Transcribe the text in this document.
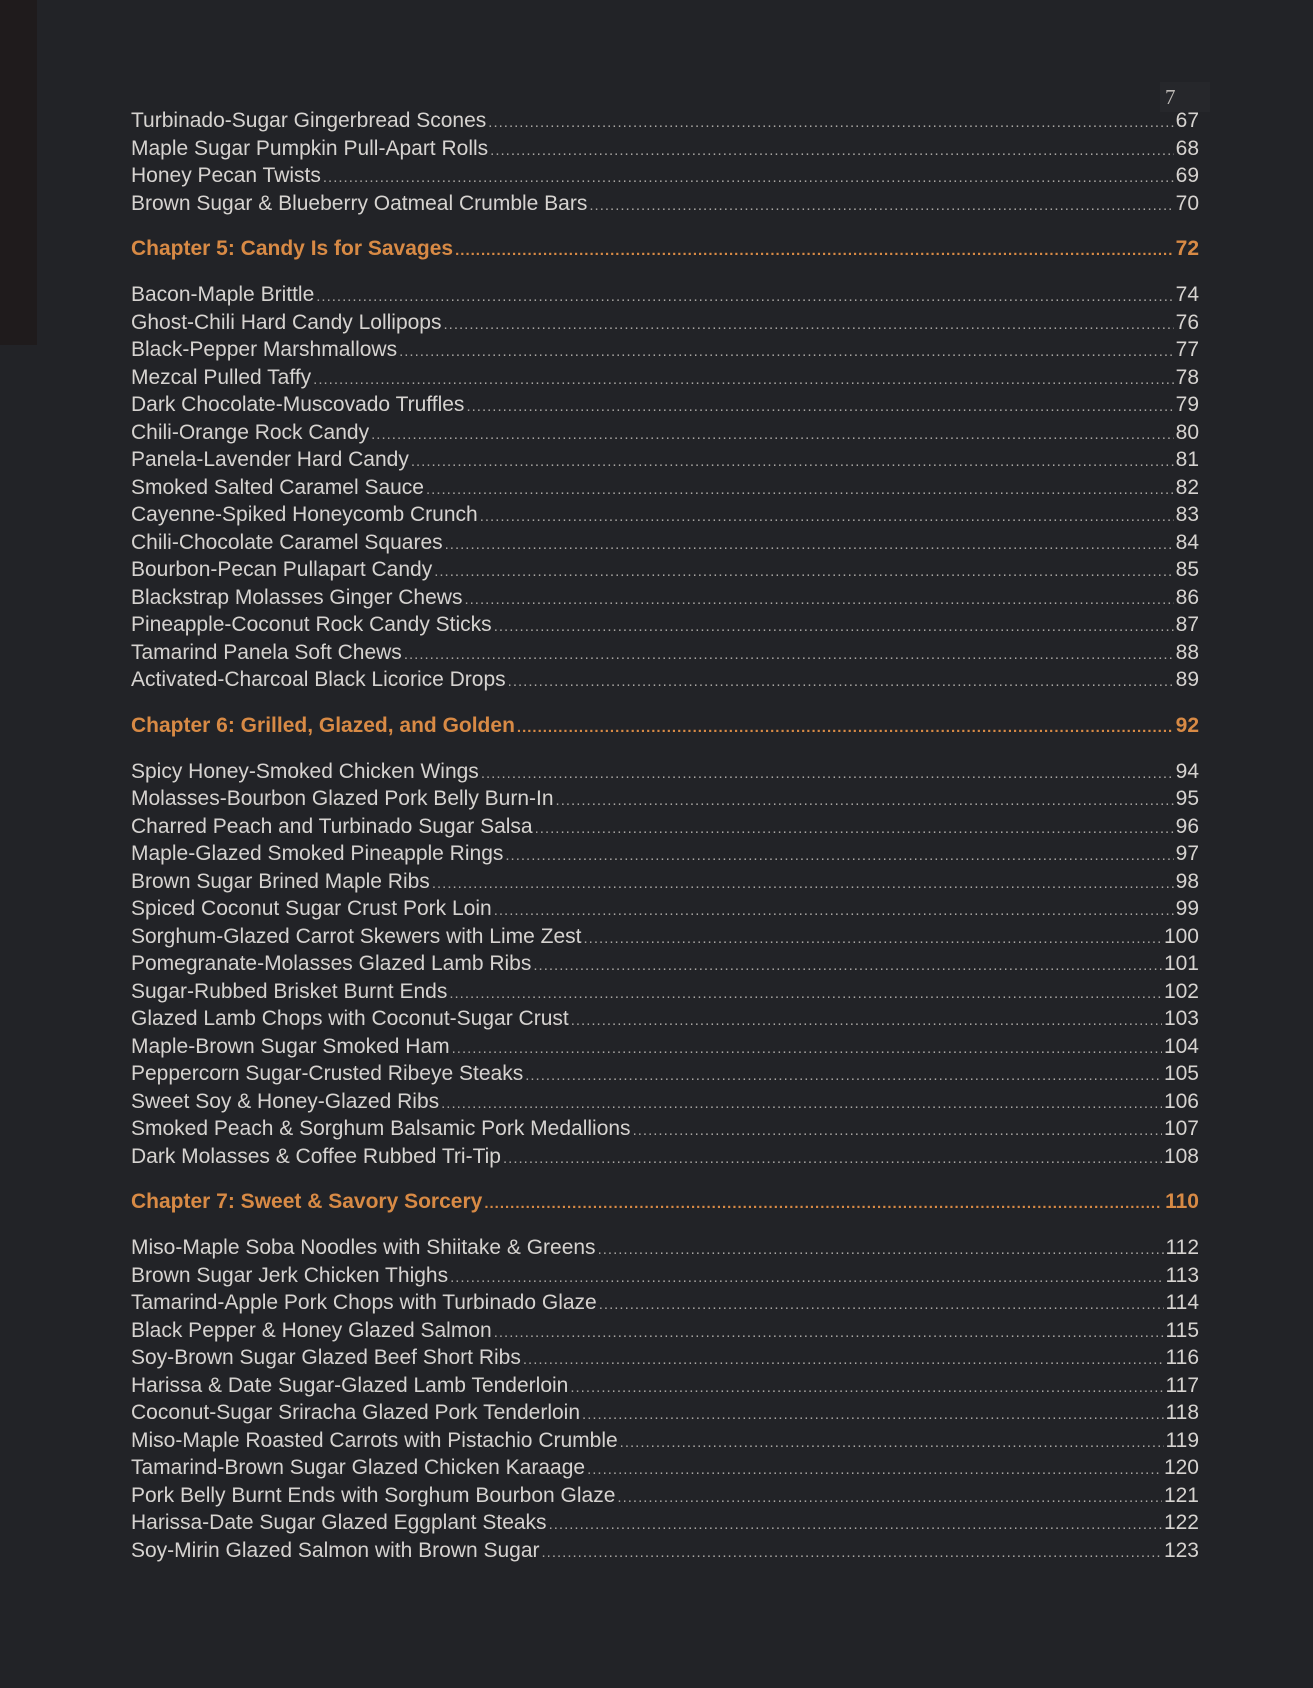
7
Turbinado-Sugar Gingerbread Scones .....	67
Maple Sugar Pumpkin Pull-Apart Rolls .....	68
Honey Pecan Twists .....	69
Brown Sugar & Blueberry Oatmeal Crumble Bars .....	70
Chapter 5: Candy Is for Savages .....	72
Bacon-Maple Brittle .....	74
Ghost-Chili Hard Candy Lollipops .....	76
Black-Pepper Marshmallows .....	77
Mezcal Pulled Taffy .....	78
Dark Chocolate-Muscovado Truffles .....	79
Chili-Orange Rock Candy .....	80
Panela-Lavender Hard Candy .....	81
Smoked Salted Caramel Sauce .....	82
Cayenne-Spiked Honeycomb Crunch .....	83
Chili-Chocolate Caramel Squares .....	84
Bourbon-Pecan Pullapart Candy .....	85
Blackstrap Molasses Ginger Chews .....	86
Pineapple-Coconut Rock Candy Sticks .....	87
Tamarind Panela Soft Chews .....	88
Activated-Charcoal Black Licorice Drops .....	89
Chapter 6: Grilled, Glazed, and Golden .....	92
Spicy Honey-Smoked Chicken Wings .....	94
Molasses-Bourbon Glazed Pork Belly Burn-In .....	95
Charred Peach and Turbinado Sugar Salsa .....	96
Maple-Glazed Smoked Pineapple Rings .....	97
Brown Sugar Brined Maple Ribs .....	98
Spiced Coconut Sugar Crust Pork Loin .....	99
Sorghum-Glazed Carrot Skewers with Lime Zest .....	100
Pomegranate-Molasses Glazed Lamb Ribs .....	101
Sugar-Rubbed Brisket Burnt Ends .....	102
Glazed Lamb Chops with Coconut-Sugar Crust .....	103
Maple-Brown Sugar Smoked Ham .....	104
Peppercorn Sugar-Crusted Ribeye Steaks .....	105
Sweet Soy & Honey-Glazed Ribs .....	106
Smoked Peach & Sorghum Balsamic Pork Medallions .....	107
Dark Molasses & Coffee Rubbed Tri-Tip .....	108
Chapter 7: Sweet & Savory Sorcery .....	110
Miso-Maple Soba Noodles with Shiitake & Greens .....	112
Brown Sugar Jerk Chicken Thighs .....	113
Tamarind-Apple Pork Chops with Turbinado Glaze .....	114
Black Pepper & Honey Glazed Salmon .....	115
Soy-Brown Sugar Glazed Beef Short Ribs .....	116
Harissa & Date Sugar-Glazed Lamb Tenderloin .....	117
Coconut-Sugar Sriracha Glazed Pork Tenderloin .....	118
Miso-Maple Roasted Carrots with Pistachio Crumble .....	119
Tamarind-Brown Sugar Glazed Chicken Karaage .....	120
Pork Belly Burnt Ends with Sorghum Bourbon Glaze .....	121
Harissa-Date Sugar Glazed Eggplant Steaks .....	122
Soy-Mirin Glazed Salmon with Brown Sugar .....	123
